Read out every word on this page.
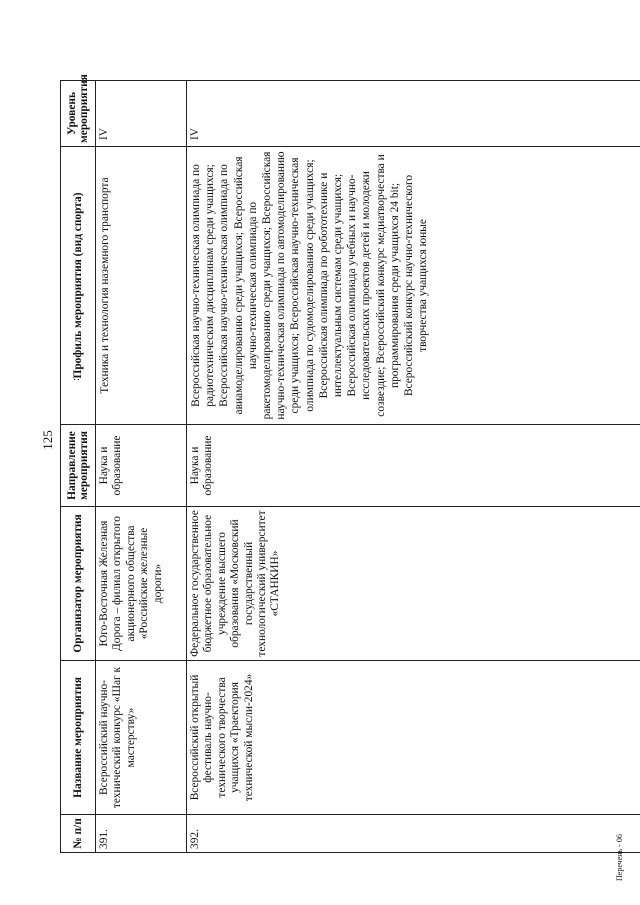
125
:
№ п/п	Название мероприятия	Организатор мероприятия	Направление мероприятия	Профиль мероприятия (вид спорта)	Уровень мероприятия
391.	Всероссийский научно-технический конкурс «Шаг к мастерству»	Юго-Восточная Железная Дорога – филиал открытого акционерного общества «Российские железные дороги»	Наука и образование	Техника и технология наземного транспорта	IV
392.	Всероссийский открытый фестиваль научно-технического творчества учащихся «Траектория технической мысли-2024»	Федеральное государственное бюджетное образовательное учреждение высшего образования «Московский государственный технологический университет «СТАНКИН»	Наука и образование	Всероссийская научно-техническая олимпиада по радиотехническим дисциплинам среди учащихся; Всероссийская научно-техническая олимпиада по авиамоделированию среди учащихся; Всероссийская научно-техническая олимпиада по ракетомоделированию среди учащихся; Всероссийская научно-техническая олимпиада по автомоделированию среди учащихся; Всероссийская научно-техническая олимпиада по судомоделированию среди учащихся; Всероссийская олимпиада по робототехнике и интеллектуальным системам среди учащихся; Всероссийская олимпиада учебных и научно-исследовательских проектов детей и молодежи созвездие; Всероссийский конкурс медиатворчества и программирования среди учащихся 24 bit; Всероссийский конкурс научно-технического творчества учащихся юные	IV
Перечень - 06
